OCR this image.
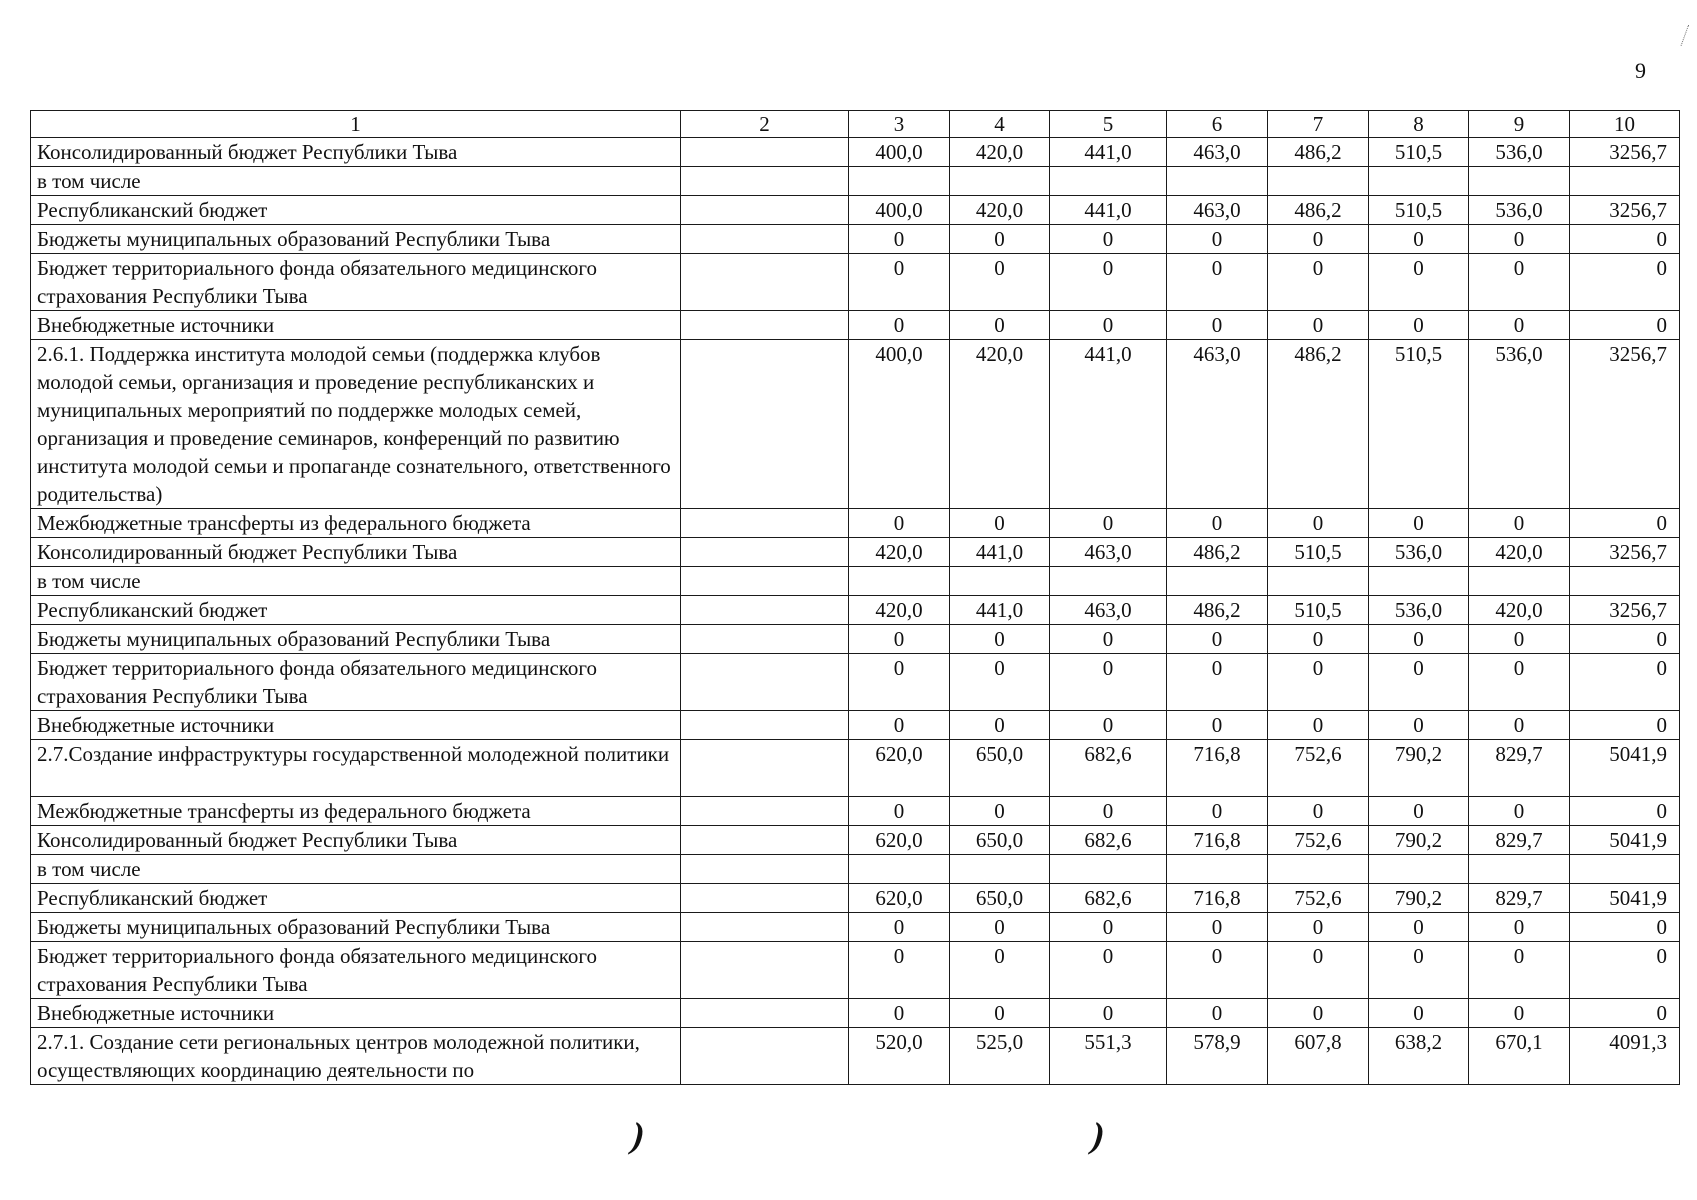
9
1	2	3	4	5	6	7	8	9	10
Консолидированный бюджет Республики Тыва		400,0	420,0	441,0	463,0	486,2	510,5	536,0	3256,7
в том числе									
Республиканский бюджет		400,0	420,0	441,0	463,0	486,2	510,5	536,0	3256,7
Бюджеты муниципальных образований Республики Тыва		0	0	0	0	0	0	0	0
Бюджет территориального фонда обязательного медицинского страхования Республики Тыва		0	0	0	0	0	0	0	0
Внебюджетные источники		0	0	0	0	0	0	0	0
2.6.1. Поддержка института молодой семьи (поддержка клубов молодой семьи, организация и проведение республиканских и муниципальных мероприятий по поддержке молодых семей, организация и проведение семинаров, конференций по развитию института молодой семьи и пропаганде сознательного, ответственного родительства)		400,0	420,0	441,0	463,0	486,2	510,5	536,0	3256,7
Межбюджетные трансферты из федерального бюджета		0	0	0	0	0	0	0	0
Консолидированный бюджет Республики Тыва		420,0	441,0	463,0	486,2	510,5	536,0	420,0	3256,7
в том числе									
Республиканский бюджет		420,0	441,0	463,0	486,2	510,5	536,0	420,0	3256,7
Бюджеты муниципальных образований Республики Тыва		0	0	0	0	0	0	0	0
Бюджет территориального фонда обязательного медицинского страхования Республики Тыва		0	0	0	0	0	0	0	0
Внебюджетные источники		0	0	0	0	0	0	0	0
2.7.Создание инфраструктуры государственной молодежной политики		620,0	650,0	682,6	716,8	752,6	790,2	829,7	5041,9
Межбюджетные трансферты из федерального бюджета		0	0	0	0	0	0	0	0
Консолидированный бюджет Республики Тыва		620,0	650,0	682,6	716,8	752,6	790,2	829,7	5041,9
в том числе									
Республиканский бюджет		620,0	650,0	682,6	716,8	752,6	790,2	829,7	5041,9
Бюджеты муниципальных образований Республики Тыва		0	0	0	0	0	0	0	0
Бюджет территориального фонда обязательного медицинского страхования Республики Тыва		0	0	0	0	0	0	0	0
Внебюджетные источники		0	0	0	0	0	0	0	0
2.7.1. Создание сети региональных центров молодежной политики, осуществляющих координацию деятельности по		520,0	525,0	551,3	578,9	607,8	638,2	670,1	4091,3
)	)
